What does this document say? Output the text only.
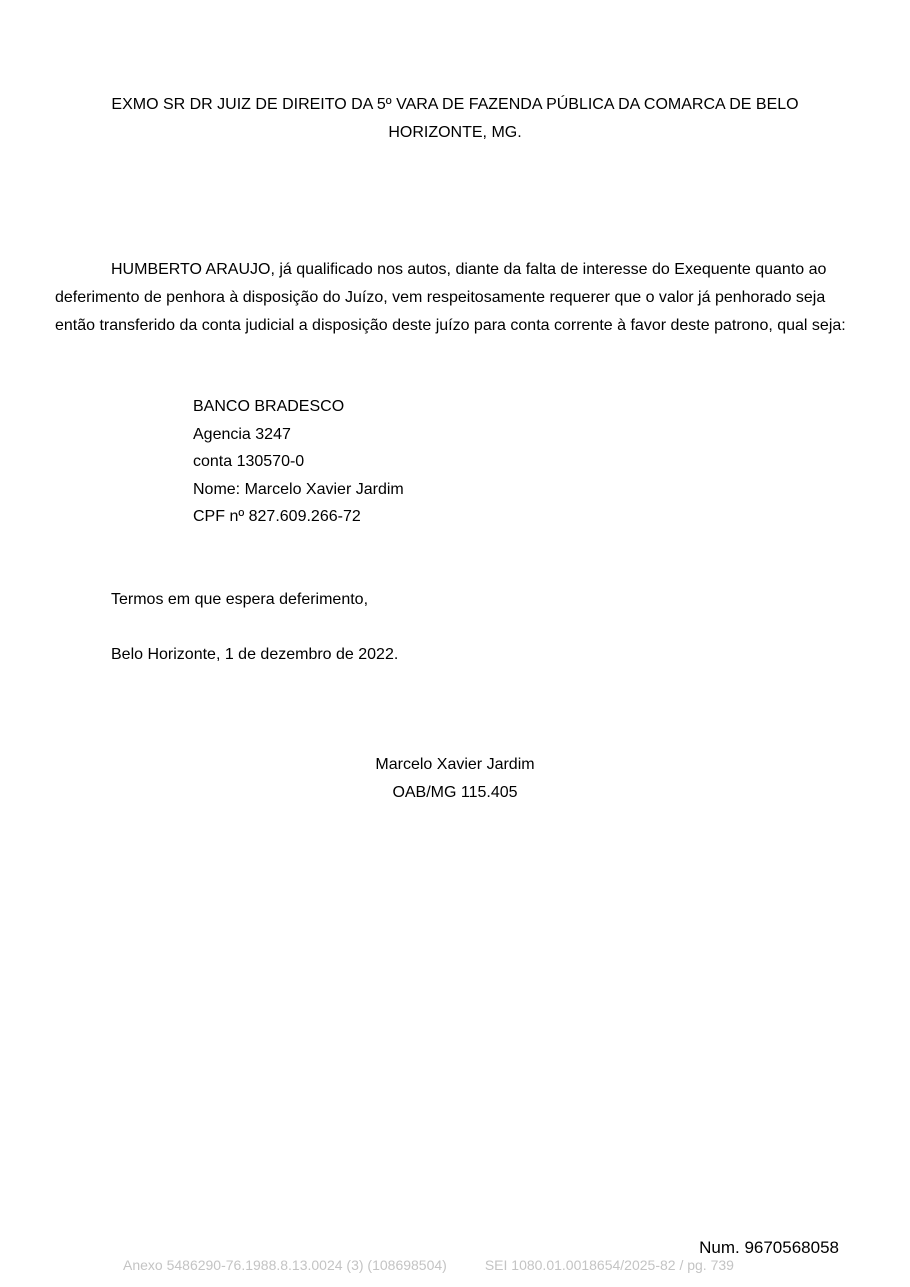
EXMO SR DR JUIZ DE DIREITO DA 5º VARA DE FAZENDA PÚBLICA DA COMARCA DE BELO
HORIZONTE, MG.
HUMBERTO ARAUJO, já qualificado nos autos, diante da falta de interesse do Exequente quanto ao deferimento de penhora à disposição do Juízo, vem respeitosamente requerer que o valor já penhorado seja então transferido da conta judicial a disposição deste juízo para conta corrente à favor deste patrono, qual seja:
BANCO BRADESCO
Agencia 3247
conta 130570-0
Nome: Marcelo Xavier Jardim
CPF nº 827.609.266-72
Termos em que espera deferimento,
Belo Horizonte, 1 de dezembro de 2022.
Marcelo Xavier Jardim
OAB/MG 115.405
Num. 9670568058
Anexo 5486290-76.1988.8.13.0024 (3) (108698504)	SEI 1080.01.0018654/2025-82 / pg. 739
